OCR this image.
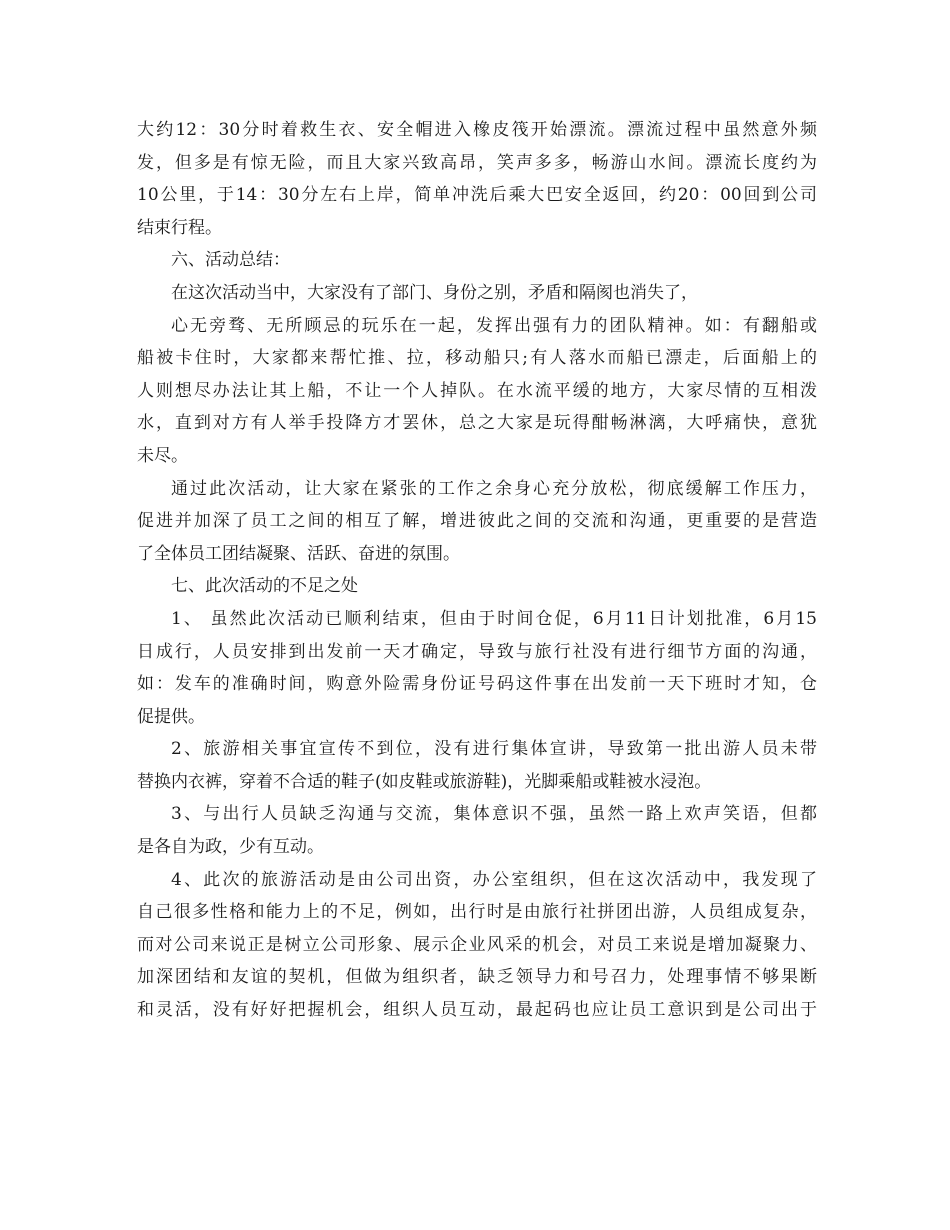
大约12：30分时着救生衣、安全帽进入橡皮筏开始漂流。漂流过程中虽然意外频
发，但多是有惊无险，而且大家兴致高昂，笑声多多，畅游山水间。漂流长度约为
10公里，于14：30分左右上岸，简单冲洗后乘大巴安全返回，约20：00回到公司
结束行程。
六、活动总结：
在这次活动当中，大家没有了部门、身份之别，矛盾和隔阂也消失了，
心无旁骛、无所顾忌的玩乐在一起，发挥出强有力的团队精神。如：有翻船或
船被卡住时，大家都来帮忙推、拉，移动船只;有人落水而船已漂走，后面船上的
人则想尽办法让其上船，不让一个人掉队。在水流平缓的地方，大家尽情的互相泼
水，直到对方有人举手投降方才罢休，总之大家是玩得酣畅淋漓，大呼痛快，意犹
未尽。
通过此次活动，让大家在紧张的工作之余身心充分放松，彻底缓解工作压力，
促进并加深了员工之间的相互了解，增进彼此之间的交流和沟通，更重要的是营造
了全体员工团结凝聚、活跃、奋进的氛围。
七、此次活动的不足之处
1、 虽然此次活动已顺利结束，但由于时间仓促，6月11日计划批准，6月15
日成行，人员安排到出发前一天才确定，导致与旅行社没有进行细节方面的沟通，
如：发车的准确时间，购意外险需身份证号码这件事在出发前一天下班时才知，仓
促提供。
2、旅游相关事宜宣传不到位，没有进行集体宣讲，导致第一批出游人员未带
替换内衣裤，穿着不合适的鞋子(如皮鞋或旅游鞋)，光脚乘船或鞋被水浸泡。
3、与出行人员缺乏沟通与交流，集体意识不强，虽然一路上欢声笑语，但都
是各自为政，少有互动。
4、此次的旅游活动是由公司出资，办公室组织，但在这次活动中，我发现了
自己很多性格和能力上的不足，例如，出行时是由旅行社拼团出游，人员组成复杂，
而对公司来说正是树立公司形象、展示企业风采的机会，对员工来说是增加凝聚力、
加深团结和友谊的契机，但做为组织者，缺乏领导力和号召力，处理事情不够果断
和灵活，没有好好把握机会，组织人员互动，最起码也应让员工意识到是公司出于
